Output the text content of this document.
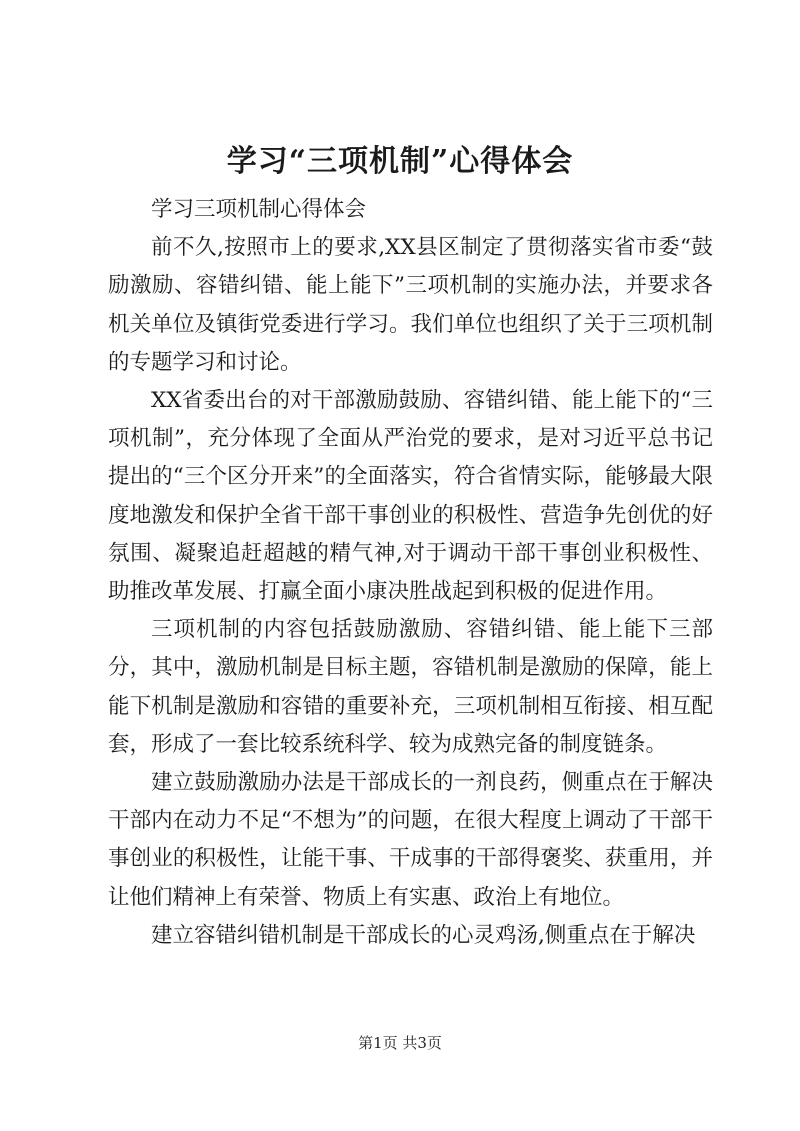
学习“三项机制”心得体会

学习三项机制心得体会

前不久,按照市上的要求,XX县区制定了贯彻落实省市委“鼓励激励、容错纠错、能上能下”三项机制的实施办法，并要求各机关单位及镇街党委进行学习。我们单位也组织了关于三项机制的专题学习和讨论。

XX省委出台的对干部激励鼓励、容错纠错、能上能下的“三项机制”，充分体现了全面从严治党的要求，是对习近平总书记提出的“三个区分开来”的全面落实，符合省情实际，能够最大限度地激发和保护全省干部干事创业的积极性、营造争先创优的好氛围、凝聚追赶超越的精气神,对于调动干部干事创业积极性、助推改革发展、打赢全面小康决胜战起到积极的促进作用。

三项机制的内容包括鼓励激励、容错纠错、能上能下三部分，其中，激励机制是目标主题，容错机制是激励的保障，能上能下机制是激励和容错的重要补充，三项机制相互衔接、相互配套，形成了一套比较系统科学、较为成熟完备的制度链条。

建立鼓励激励办法是干部成长的一剂良药，侧重点在于解决干部内在动力不足“不想为”的问题，在很大程度上调动了干部干事创业的积极性，让能干事、干成事的干部得褒奖、获重用，并让他们精神上有荣誉、物质上有实惠、政治上有地位。

建立容错纠错机制是干部成长的心灵鸡汤,侧重点在于解决

第1页 共3页
